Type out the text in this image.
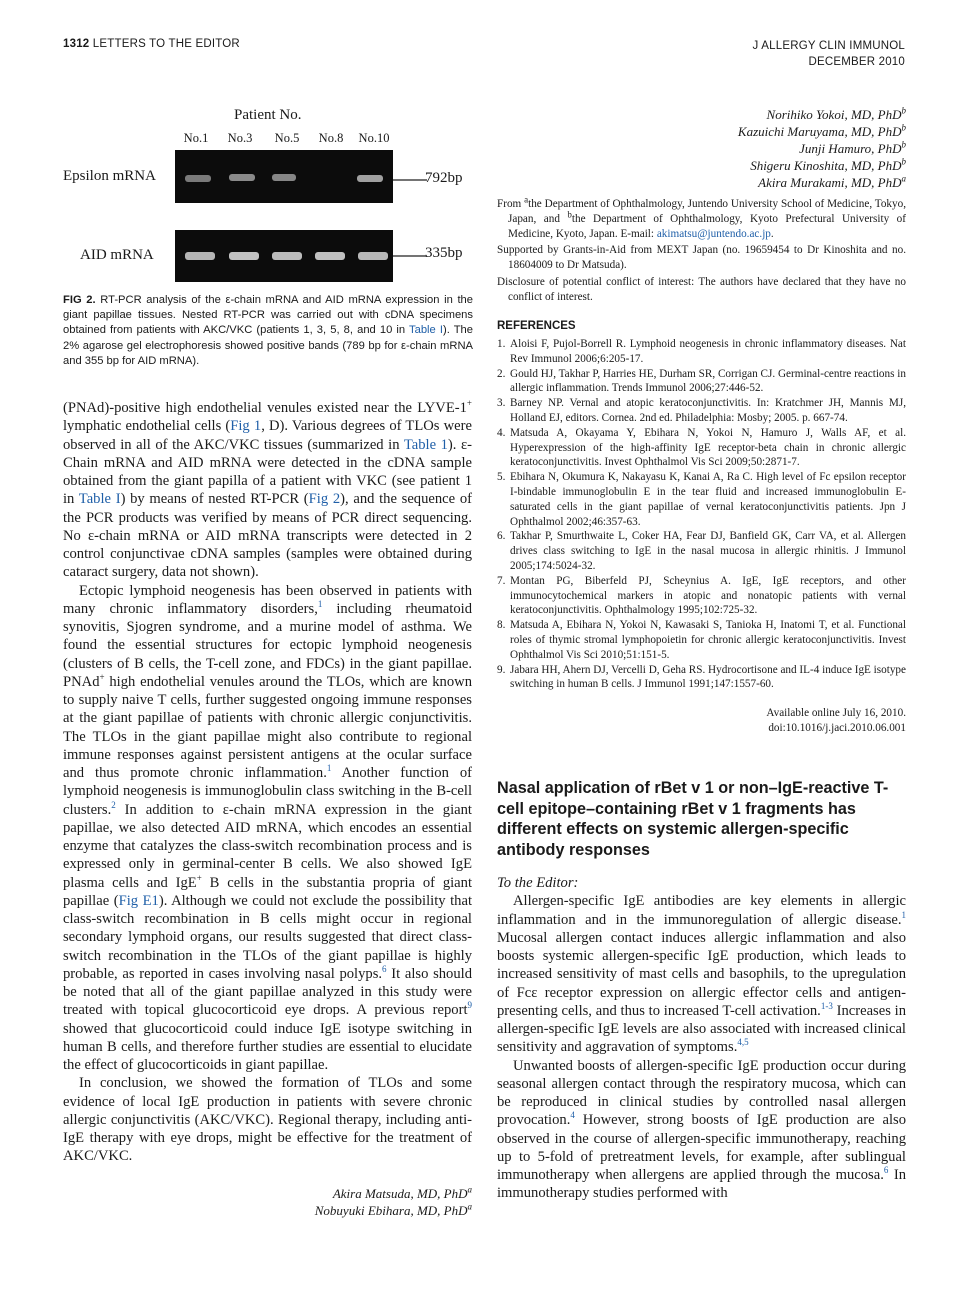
1312 LETTERS TO THE EDITOR	J ALLERGY CLIN IMMUNOL
DECEMBER 2010
Patient No.
No.1	No.3	No.5	No.8	No.10
Epsilon mRNA	792bp
AID mRNA	335bp
FIG 2. RT-PCR analysis of the ε-chain mRNA and AID mRNA expression in the giant papillae tissues. Nested RT-PCR was carried out with cDNA specimens obtained from patients with AKC/VKC (patients 1, 3, 5, 8, and 10 in Table I). The 2% agarose gel electrophoresis showed positive bands (789 bp for ε-chain mRNA and 355 bp for AID mRNA).

(PNAd)-positive high endothelial venules existed near the LYVE-1+ lymphatic endothelial cells (Fig 1, D). Various degrees of TLOs were observed in all of the AKC/VKC tissues (summarized in Table 1). ε-Chain mRNA and AID mRNA were detected in the cDNA sample obtained from the giant papilla of a patient with VKC (see patient 1 in Table I) by means of nested RT-PCR (Fig 2), and the sequence of the PCR products was verified by means of PCR direct sequencing. No ε-chain mRNA or AID mRNA transcripts were detected in 2 control conjunctivae cDNA samples (samples were obtained during cataract surgery, data not shown).

Ectopic lymphoid neogenesis has been observed in patients with many chronic inflammatory disorders,$^1$ including rheumatoid synovitis, Sjogren syndrome, and a murine model of asthma. We found the essential structures for ectopic lymphoid neogenesis (clusters of B cells, the T-cell zone, and FDCs) in the giant papillae. PNAd+ high endothelial venules around the TLOs, which are known to supply naive T cells, further suggested ongoing immune responses at the giant papillae of patients with chronic allergic conjunctivitis. The TLOs in the giant papillae might also contribute to regional immune responses against persistent antigens at the ocular surface and thus promote chronic inflammation.$^1$ Another function of lymphoid neogenesis is immunoglobulin class switching in the B-cell clusters.$^2$ In addition to ε-chain mRNA expression in the giant papillae, we also detected AID mRNA, which encodes an essential enzyme that catalyzes the class-switch recombination process and is expressed only in germinal-center B cells. We also showed IgE plasma cells and IgE+ B cells in the substantia propria of giant papillae (Fig E1). Although we could not exclude the possibility that class-switch recombination in B cells might occur in regional secondary lymphoid organs, our results suggested that direct class-switch recombination in the TLOs of the giant papillae is highly probable, as reported in cases involving nasal polyps.$^6$ It also should be noted that all of the giant papillae analyzed in this study were treated with topical glucocorticoid eye drops. A previous report$^9$ showed that glucocorticoid could induce IgE isotype switching in human B cells, and therefore further studies are essential to elucidate the effect of glucocorticoids in giant papillae.

In conclusion, we showed the formation of TLOs and some evidence of local IgE production in patients with severe chronic allergic conjunctivitis (AKC/VKC). Regional therapy, including anti-IgE therapy with eye drops, might be effective for the treatment of AKC/VKC.

Akira Matsuda, MD, PhD$^a$
Nobuyuki Ebihara, MD, PhD$^a$
Norihiko Yokoi, MD, PhD$^b$
Kazuichi Maruyama, MD, PhD$^b$
Junji Hamuro, PhD$^b$
Shigeru Kinoshita, MD, PhD$^b$
Akira Murakami, MD, PhD$^a$

From $^a$the Department of Ophthalmology, Juntendo University School of Medicine, Tokyo, Japan, and $^b$the Department of Ophthalmology, Kyoto Prefectural University of Medicine, Kyoto, Japan. E-mail: akimatsu@juntendo.ac.jp.

Supported by Grants-in-Aid from MEXT Japan (no. 19659454 to Dr Kinoshita and no. 18604009 to Dr Matsuda).

Disclosure of potential conflict of interest: The authors have declared that they have no conflict of interest.

REFERENCES

1. Aloisi F, Pujol-Borrell R. Lymphoid neogenesis in chronic inflammatory diseases. Nat Rev Immunol 2006;6:205-17.
2. Gould HJ, Takhar P, Harries HE, Durham SR, Corrigan CJ. Germinal-centre reactions in allergic inflammation. Trends Immunol 2006;27:446-52.
3. Barney NP. Vernal and atopic keratoconjunctivitis. In: Kratchmer JH, Mannis MJ, Holland EJ, editors. Cornea. 2nd ed. Philadelphia: Mosby; 2005. p. 667-74.
4. Matsuda A, Okayama Y, Ebihara N, Yokoi N, Hamuro J, Walls AF, et al. Hyperexpression of the high-affinity IgE receptor-beta chain in chronic allergic keratoconjunctivitis. Invest Ophthalmol Vis Sci 2009;50:2871-7.
5. Ebihara N, Okumura K, Nakayasu K, Kanai A, Ra C. High level of Fc epsilon receptor I-bindable immunoglobulin E in the tear fluid and increased immunoglobulin E-saturated cells in the giant papillae of vernal keratoconjunctivitis patients. Jpn J Ophthalmol 2002;46:357-63.
6. Takhar P, Smurthwaite L, Coker HA, Fear DJ, Banfield GK, Carr VA, et al. Allergen drives class switching to IgE in the nasal mucosa in allergic rhinitis. J Immunol 2005;174:5024-32.
7. Montan PG, Biberfeld PJ, Scheynius A. IgE, IgE receptors, and other immunocytochemical markers in atopic and nonatopic patients with vernal keratoconjunctivitis. Ophthalmology 1995;102:725-32.
8. Matsuda A, Ebihara N, Yokoi N, Kawasaki S, Tanioka H, Inatomi T, et al. Functional roles of thymic stromal lymphopoietin for chronic allergic keratoconjunctivitis. Invest Ophthalmol Vis Sci 2010;51:151-5.
9. Jabara HH, Ahern DJ, Vercelli D, Geha RS. Hydrocortisone and IL-4 induce IgE isotype switching in human B cells. J Immunol 1991;147:1557-60.
Available online July 16, 2010.
doi:10.1016/j.jaci.2010.06.001
Nasal application of rBet v 1 or non–IgE-reactive T-cell epitope–containing rBet v 1 fragments has different effects on systemic allergen-specific antibody responses

To the Editor:

Allergen-specific IgE antibodies are key elements in allergic inflammation and in the immunoregulation of allergic disease.$^1$ Mucosal allergen contact induces allergic inflammation and also boosts systemic allergen-specific IgE production, which leads to increased sensitivity of mast cells and basophils, to the upregulation of Fcε receptor expression on allergic effector cells and antigen-presenting cells, and thus to increased T-cell activation.$^{1-3}$ Increases in allergen-specific IgE levels are also associated with increased clinical sensitivity and aggravation of symptoms.$^{4,5}$

Unwanted boosts of allergen-specific IgE production occur during seasonal allergen contact through the respiratory mucosa, which can be reproduced in clinical studies by controlled nasal allergen provocation.$^4$ However, strong boosts of IgE production are also observed in the course of allergen-specific immunotherapy, reaching up to 5-fold of pretreatment levels, for example, after sublingual immunotherapy when allergens are applied through the mucosa.$^6$ In immunotherapy studies performed with
